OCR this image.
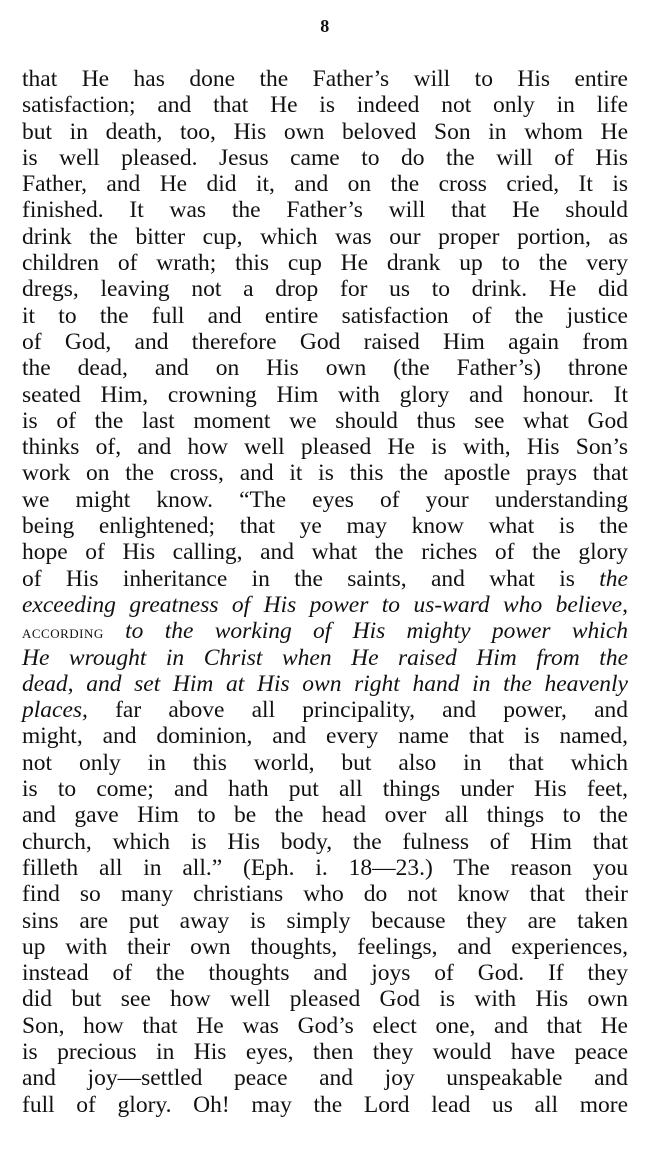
8
that He has done the Father’s will to His entire
satisfaction; and that He is indeed not only in life
but in death, too, His own beloved Son in whom He
is well pleased. Jesus came to do the will of His
Father, and He did it, and on the cross cried, It is
finished. It was the Father’s will that He should
drink the bitter cup, which was our proper portion, as
children of wrath; this cup He drank up to the very
dregs, leaving not a drop for us to drink. He did
it to the full and entire satisfaction of the justice
of God, and therefore God raised Him again from
the dead, and on His own (the Father’s) throne
seated Him, crowning Him with glory and honour. It
is of the last moment we should thus see what God
thinks of, and how well pleased He is with, His Son’s
work on the cross, and it is this the apostle prays that
we might know. “The eyes of your understanding
being enlightened; that ye may know what is the
hope of His calling, and what the riches of the glory
of His inheritance in the saints, and what is the
exceeding greatness of His power to us-ward who believe,
according to the working of His mighty power which
He wrought in Christ when He raised Him from the
dead, and set Him at His own right hand in the heavenly
places, far above all principality, and power, and
might, and dominion, and every name that is named,
not only in this world, but also in that which
is to come; and hath put all things under His feet,
and gave Him to be the head over all things to the
church, which is His body, the fulness of Him that
filleth all in all.” (Eph. i. 18—23.) The reason you
find so many christians who do not know that their
sins are put away is simply because they are taken
up with their own thoughts, feelings, and experiences,
instead of the thoughts and joys of God. If they
did but see how well pleased God is with His own
Son, how that He was God’s elect one, and that He
is precious in His eyes, then they would have peace
and joy—settled peace and joy unspeakable and
full of glory. Oh! may the Lord lead us all more
